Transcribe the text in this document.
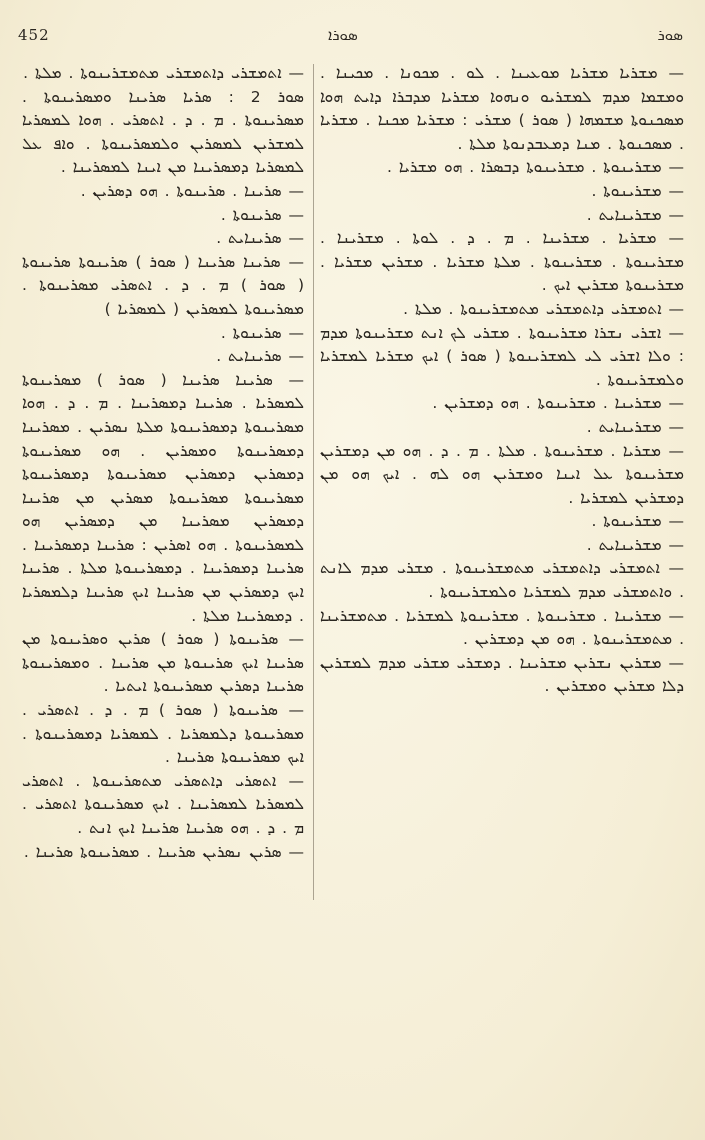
452	ܣܘܪܐ	ܣܘܪ

— ܡܫܪܝܐ ܡܫܪܝܐ ܡܘܥܝܢܐ . ܠܘ . ܡܟܘܢܐ . ܡܟܝܢܐ . ܘܡܫܡܐ ܡܕܡ ܠܡܫܪܝܘ ܘܢܗܘܐ ܡܫܪܝܐ ܡܕܒܪܐ ܕܐܝܬ ܗܘܐ ܡܣܟܢܘܬܐ ܡܫܡܗܐ ( ܣܘܪ ) ܡܫܪܝ : ܡܫܪܝܐ ܡܟܢܐ . ܡܫܪܝܐ . ܡܣܟܢܘܬܐ . ܡܢܐ ܕܡܥܒܕܢܘܬܐ ܡܠܬܐ .

— ܡܫܪܝܢܘܬܐ . ܡܫܪܝܢܘܬܐ ܕܒܣܪܐ . ܗܘ ܡܫܪܝܐ .

— ܡܫܪܝܢܘܬܐ .

— ܡܫܪܝܢܐܝܬ .

— ܡܫܪܝܐ . ܡܫܪܝܢܐ . ܡ . ܕ . ܠܘܬܐ . ܡܫܪܝܢܐ . ܡܫܪܝܢܘܬܐ . ܡܫܪܝܢܘܬܐ . ܡܠܬܐ ܡܫܪܝܐ . ܡܫܪܝܢ ܡܫܪܝܐ . ܡܫܪܝܢܘܬܐ ܡܫܪܝܢ ܐܝܟ .

— ܐܬܡܫܪܝ ܕܐܬܡܫܪܝ ܡܬܡܫܪܝܢܘܬܐ . ܡܠܬܐ .

— ܐܫܪܝ ܢܫܪܐ ܡܫܪܝܢܘܬܐ . ܡܫܪܝ ܠܟ ܐܢܬ ܡܫܪܝܢܘܬܐ ܡܕܡ : ܘܠܐ ܐܫܪܝ ܠܝ ܠܡܫܪܝܢܘܬܐ ( ܣܘܪ ) ܐܝܟ ܡܫܪܝܐ ܠܡܫܪܝܐ ܘܠܡܫܪܝܢܘܬܐ .

— ܡܫܪܝܢܐ . ܡܫܪܝܢܘܬܐ . ܗܘ ܕܡܫܪܝܢ .

— ܡܫܪܝܢܐܝܬ .

— ܡܫܪܝܐ . ܡܫܪܝܢܘܬܐ . ܡܠܬܐ . ܡ . ܕ . ܗܘ ܡܢ ܕܡܫܪܝܢ ܡܫܪܝܢܘܬܐ ܥܠ ܐܝܢܐ ܘܡܫܪܝܢ ܗܘ ܠܗ . ܐܝܟ ܗܘ ܡܢ ܕܡܫܪܝܢ ܠܡܫܪܝܐ .

— ܡܫܪܝܢܘܬܐ .

— ܡܫܪܝܢܐܝܬ .

— ܐܬܡܫܪܝ ܕܐܬܡܫܪܝ ܡܬܡܫܪܝܢܘܬܐ . ܡܫܪܝ ܡܕܡ ܠܐܢܬ . ܘܐܬܡܫܪܝ ܡܕܡ ܠܡܫܪܝܐ ܘܠܡܫܪܝܢܘܬܐ .

— ܡܫܪܝܢܐ . ܡܫܪܝܢܘܬܐ . ܡܫܪܝܢܘܬܐ ܠܡܫܪܝܐ . ܡܬܡܫܪܝܢܐ . ܡܬܡܫܪܝܢܘܬܐ . ܗܘ ܡܢ ܕܡܫܪܝܢ .

— ܡܫܪܝܢ ܢܫܪܝܢ ܡܫܪܝܢܐ . ܕܡܫܪܝ ܡܫܪܝ ܡܕܡ ܠܡܫܪܝܢ ܕܠܐ ܡܫܪܝܢ ܘܡܫܪܝܢ .

— ܐܬܡܫܪܝ ܕܐܬܡܫܪܝ ܡܬܡܫܪܝܢܘܬܐ . ܡܠܬܐ .

ܣܘܪ 2 : ܣܪܝܐ ܣܪܝܢܐ ܘܡܣܪܝܢܘܬܐ . ܡܣܪܝܢܘܬܐ . ܡ . ܕ . ܐܬܣܪܝ . ܗܘܐ ܠܡܣܪܝܐ ܠܡܫܪܝܢ ܠܡܣܪܝܢ ܘܠܡܣܪܝܢܘܬܐ . ܘܐܦ ܥܠ ܠܡܣܪܝܐ ܕܡܣܪܝܢܐ ܡܢ ܐܝܢܐ ܠܡܣܪܝܢܐ .

— ܣܪܝܢܐ . ܣܪܝܢܘܬܐ . ܗܘ ܕܣܪܝܢ .

— ܣܪܝܢܘܬܐ .

— ܣܪܝܢܐܝܬ .

— ܣܪܝܢܐ ܣܪܝܢܐ ( ܣܘܪ ) ܣܪܝܢܘܬܐ ܣܪܝܢܘܬܐ ( ܣܘܪ ) ܡ . ܕ . ܐܬܣܪܝ ܡܣܪܝܢܘܬܐ . ܡܣܪܝܢܘܬܐ ܠܡܣܪܝܢ ( ܠܡܣܪܝܐ )

— ܣܪܝܢܘܬܐ .

— ܣܪܝܢܐܝܬ .

— ܣܪܝܢܐ ܣܪܝܢܐ ( ܣܘܪ ) ܡܣܪܝܢܘܬܐ ܠܡܣܪܝܐ . ܣܪܝܢܐ ܕܡܣܪܝܢܐ . ܡ . ܕ . ܗܘܐ ܡܣܪܝܢܘܬܐ ܕܡܣܪܝܢܘܬܐ ܡܠܬܐ ܢܣܪܝܢ . ܡܣܪܝܢܐ ܕܡܣܪܝܢܘܬܐ ܘܡܣܪܝܢ . ܗܘ ܡܣܪܝܢܘܬܐ ܕܡܣܪܝܢ ܕܡܣܪܝܢ ܡܣܪܝܢܘܬܐ ܕܡܣܪܝܢܘܬܐ ܡܣܪܝܢܘܬܐ ܡܣܪܝܢܘܬܐ ܡܣܪܝܢ ܡܢ ܣܪܝܢܐ ܕܡܣܪܝܢ ܡܣܪܝܢܐ ܡܢ ܕܡܣܪܝܢ ܗܘ ܠܡܣܪܝܢܘܬܐ . ܗܘ ܐܣܪܝܢ : ܣܪܝܢܐ ܕܡܣܪܝܢܐ . ܣܪܝܢܐ ܕܡܣܪܝܢܐ . ܕܡܣܪܝܢܘܬܐ ܡܠܬܐ . ܣܪܝܢܐ ܐܝܟ ܕܡܣܪܝܢ ܡܢ ܣܪܝܢܐ ܐܝܟ ܣܪܝܢܐ ܕܠܡܣܪܝܐ . ܕܡܣܪܝܢܐ ܡܠܬܐ .

— ܣܪܝܢܘܬܐ ( ܣܘܪ ) ܣܪܝܢ ܘܣܪܝܢܘܬܐ ܡܢ ܣܪܝܢܐ ܐܝܟ ܣܪܝܢܘܬܐ ܡܢ ܣܪܝܢܐ . ܘܡܣܪܝܢܘܬܐ ܣܪܝܢܐ ܕܣܪܝܢ ܡܣܪܝܢܘܬܐ ܐܝܬܝܐ .

— ܣܪܝܢܘܬܐ ( ܣܘܪ ) ܡ . ܕ . ܐܬܣܪܝ . ܡܣܪܝܢܘܬܐ ܕܠܡܣܪܝܐ . ܠܡܣܪܝܐ ܕܡܣܪܝܢܘܬܐ . ܐܝܟ ܡܣܪܝܢܘܬܐ ܣܪܝܢܐ .

— ܐܬܣܪܝ ܕܐܬܣܪܝ ܡܬܣܪܝܢܘܬܐ . ܐܬܣܪܝ ܠܡܣܪܝܐ ܠܡܣܪܝܢܐ . ܐܝܟ ܡܣܪܝܢܘܬܐ ܐܬܣܪܝ . ܡ . ܕ . ܗܘ ܣܪܝܢܐ ܣܪܝܢܐ ܐܝܟ ܐܢܬ .

— ܣܪܝܢ ܢܣܪܝܢ ܣܪܝܢܐ . ܡܣܪܝܢܘܬܐ ܣܪܝܢܐ .
